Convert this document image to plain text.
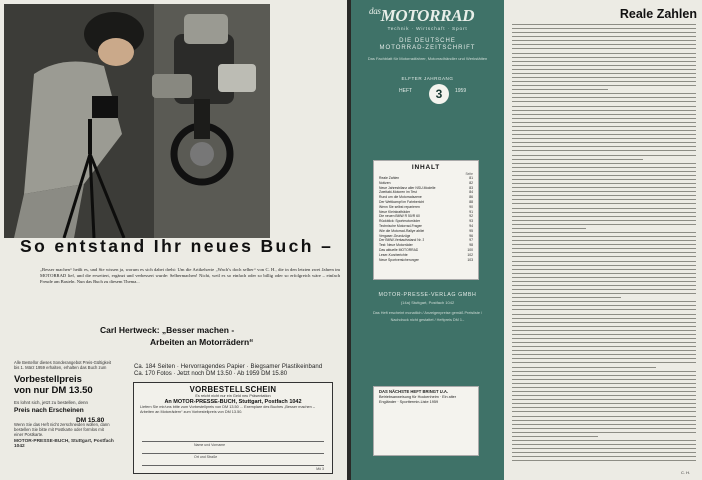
So entstand Ihr neues Buch –
„Besser machen“ heißt es, und Sie wissen ja, worum es sich dabei dreht: Um die Artikelserie „Wach’s doch selber“ von C. H., die in den letzten zwei Jahren im MOTORRAD lief, und die erweitert, ergänzt und verbessert wurde: Selbermachen! Nicht, weil es so einfach oder so billig oder so erfolgreich wäre – einfach Freude am Basteln. Nun das Buch zu diesem Thema...
Carl Hertweck: „Besser machen -
Arbeiten an Motorrädern“
Ca. 184 Seiten · Hervorragendes Papier · Biegsamer Plastikeinband
Ca. 170 Fotos · Jetzt noch DM 13.50 · Ab 1959 DM 15.80
Alle Bestellor dieses Sonderangebot Preis-Gültigkeit bis 1. März 1959 erhalten, erhalten das Buch zum
Vorbestellpreis
von nur DM 13.50
Es lohnt sich, jetzt zu bestellen, denn
Preis nach Erscheinen
DM 15.80
Wenn Sie das Heft nicht zerschneiden wollen, dann bestellen Sie bitte mit Postkarte oder formlos mit einer Postkarte.
MOTOR-PRESSE-BUCH, Stuttgart, Postfach 1042
VORBESTELLSCHEIN
Es reicht nicht nur ein Geld neu Präsentation
An MOTOR-PRESSE-BUCH, Stuttgart, Postfach 1042
Liefern Sie mir/uns bitte zum Vorbestellpreis von DM 13.50 ... Exemplare des Buches „Besser machen – Arbeiten an Motorrädern“ zum Vorbestellpreis von DM 13.50.
Name und Vorname
Ort und Straße
Mö 3
$^{das}$MOTORRAD
Technik · Wirtschaft · Sport
DIE DEUTSCHE
MOTORRAD-ZEITSCHRIFT
Das Fachblatt für Motorradfahrer, Motorradhändler und Werkstätten
ELFTER JAHRGANG
HEFT	3	1959
INHALT
Seite
Reale Zahlen	81
Notizen	82
Neue Jahresbilanz aller NSU-Modelle	83
Zweitakt-Motoren im Test	84
Rund um die Motorradszene	86
Der Wettkampf im Fahrbericht	88
Wenn Sie selbst reparieren	90
Neue Kleinkrafträder	91
Die neuen BMW R 50/R 60	92
Rückblick: Sportmotorräder	93
Technische Motorrad-Fragen	94
Wie die Motorrad-Rallye ablief	95
Vergaser-Grundzüge	96
Der BMW-Verkaufsstand Nr. 3	97
Test: Neue Motorräder	98
Das aktuelle MOTORRAD	100
Leser-Kurzberichte	102
Neue Sportversicherungen	103
MOTOR-PRESSE-VERLAG GMBH
(14a) Stuttgart, Postfach 1042
Das Heft erscheint monatlich / Anzeigenpreise gemäß Preisliste / Nachdruck nicht gestattet / Heftpreis DM 1.-
DAS NÄCHSTE HEFT BRINGT U.A.
Betriebsanweisung für Hockenheim · Ein alter Engländer · Sporttermin-Liste 1959
Reale Zahlen
C. H.
